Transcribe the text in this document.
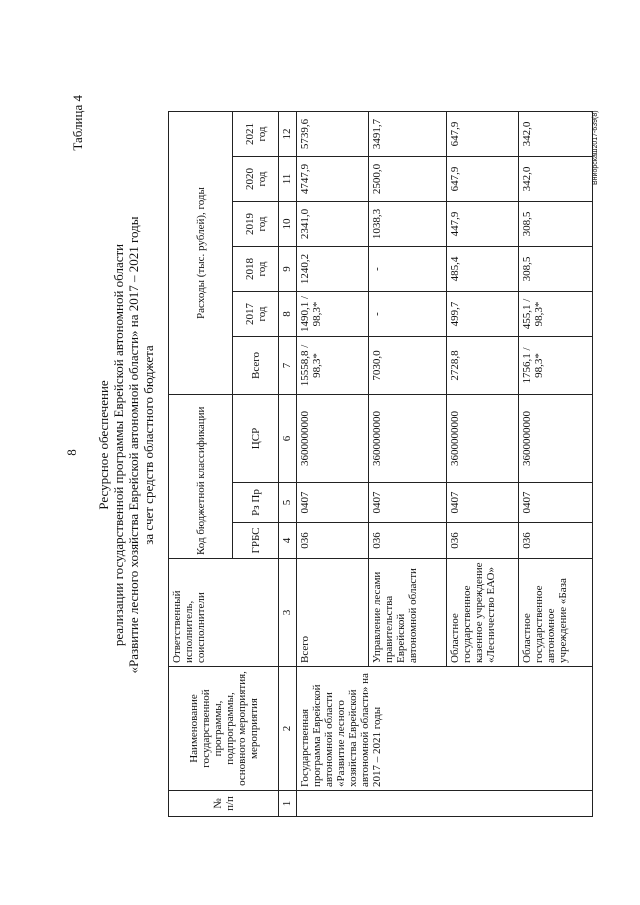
8
Таблица 4
Ресурсное обеспечение реализации государственной программы Еврейской автономной области «Развитие лесного хозяйства Еврейской автономной области» на 2017 – 2021 годы за счет средств областного бюджета
№ п/п	Наименование государственной программы, подпрограммы, основного мероприятия, мероприятия	Ответственный исполнитель, соисполнители	Код бюджетной классификации			Расходы (тыс. рублей), годы					
			ГРБС	Рз Пр	ЦСР	Всего	2017 год	2018 год	2019 год	2020 год	2021 год
1	2	3	4	5	6	7	8	9	10	11	12
	Государственная программа Еврейской автономной области «Развитие лесного хозяйства Еврейской автономной области» на 2017 – 2021 годы	Всего	036	0407	3600000000	15558,8 / 98,3*	1490,1 / 98,3*	1240,2	2341,0	4747,9	5739,6
		Управление лесами правительства Еврейской автономной области	036	0407	3600000000	7030,0	-	-	1038,3	2500,0	3491,7
		Областное государственное казенное учреждение «Лесничество ЕАО»	036	0407	3600000000	2728,8	499,7	485,4	447,9	647,9	647,9
		Областное государственное автономное учреждение «База	036	0407	3600000000	1756,1 / 98,3*	455,1 / 98,3*	308,5	308,5	342,0	342,0	Вниорскаш2017-639(8)
